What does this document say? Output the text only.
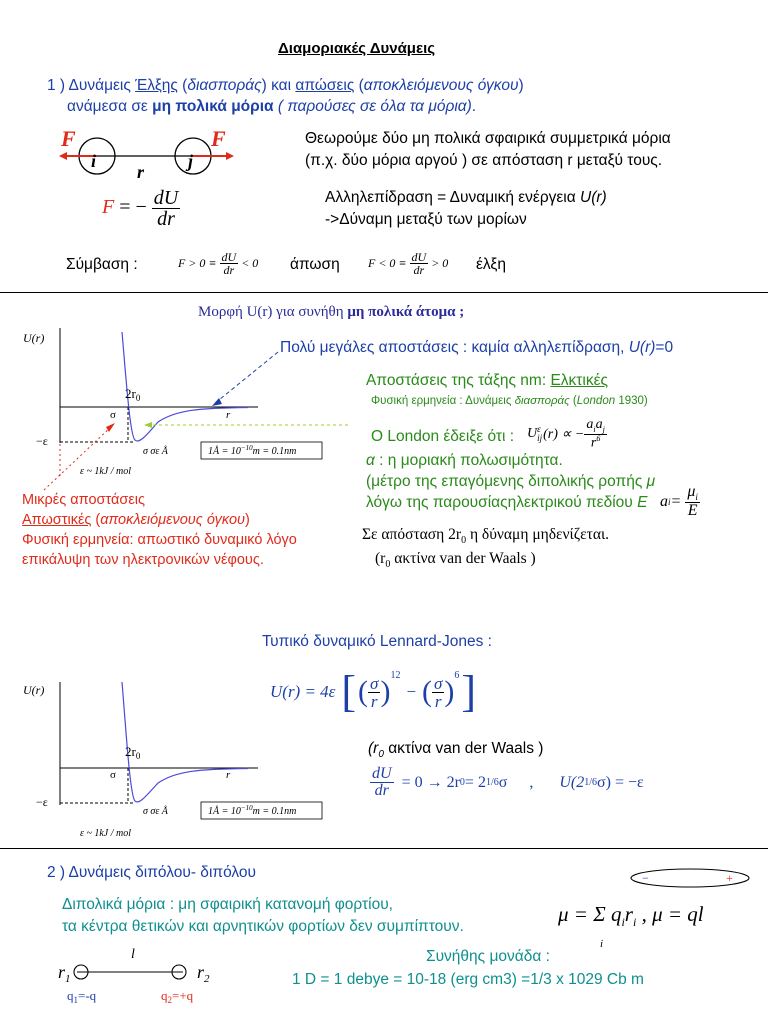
Διαμοριακές Δυνάμεις
1 ) Δυνάμεις Έλξης (διασποράς) και απώσεις (αποκλειόμενους όγκου)
ανάμεσα σε μη πολικά μόρια ( παρούσες σε όλα τα μόρια).
F	F
i	j
r
Θεωρούμε δύο μη πολικά σφαιρικά συμμετρικά μόρια
(π.χ. δύο μόρια αργού ) σε απόσταση r μεταξύ τους.
F = − $\frac{dU}{dr}$	Αλληλεπίδραση = Δυναμική ενέργεια U(r)
->Δύναμη μεταξύ των μορίων
Σύμβαση :	$F > 0 \equiv \frac{dU}{dr} < 0$ άπωση $F < 0 \equiv \frac{dU}{dr} > 0$ έλξη
Μορφή U(r) για συνήθη μη πολικά άτομα ;
U(r)
$2r_0$
σ	r
−ε
σ σε Å	1Å = $10^{-10}m = 0.1nm$
ε ~ 1kJ / mol
Πολύ μεγάλες αποστάσεις : καμία αλληλεπίδραση, U(r)=0
Αποστάσεις της τάξης nm: Ελκτικές
Φυσική ερμηνεία : Δυνάμεις διασποράς (London 1930)
O London έδειξε ότι : U ε
ij (r) ∝ − $\frac{a_ia_j}{r^6}$
α : η μοριακή πολωσιμότητα.
(μέτρο της επαγόμενης διπολικής ροπής μ
λόγω της παρουσίαςηλεκτρικού πεδίου E a $i = \frac{\mu_i}{E}$
Σε απόσταση $2r_0$ η δύναμη μηδενίζεται.
($r_0$ ακτίνα van der Waals )
Μικρές αποστάσεις
Απωστικές (αποκλειόμενους όγκου)
Φυσική ερμηνεία: απωστικό δυναμικό λόγο
επικάλυψη των ηλεκτρονικών νέφους.
Τυπικό δυναμικό Lennard-Jones :
U(r)
$2r_0$
σ	r
−ε
σ σε Å	1Å = $10^{-10}m = 0.1nm$
ε ~ 1kJ / mol
U(r) = 4ε [ ( $\frac{\sigma}{r} )^{12}$
− ( $\frac{\sigma}{r} )^6$ ]
($r_0$ ακτίνα van der Waals )
$\frac{dU}{dr} = 0 \to 2r$ 0 = 2 1/6 σ , U(2 1/6 σ) = −ε
2 ) Δυνάμεις διπόλου- διπόλου	−	+
Διπολικά μόρια : μη σφαιρική κατανομή φορτίου,
τα κέντρα θετικών και αρνητικών φορτίων δεν συμπίπτουν.
μ = Σ $q_ir_i$ , μ = ql
i
l
$r_1$	$r_2$
$q_1=-q$	$q_2=+q$
Συνήθης μονάδα :
1 D = 1 debye = 10-18 (erg cm3) =1/3 x 1029 Cb m
